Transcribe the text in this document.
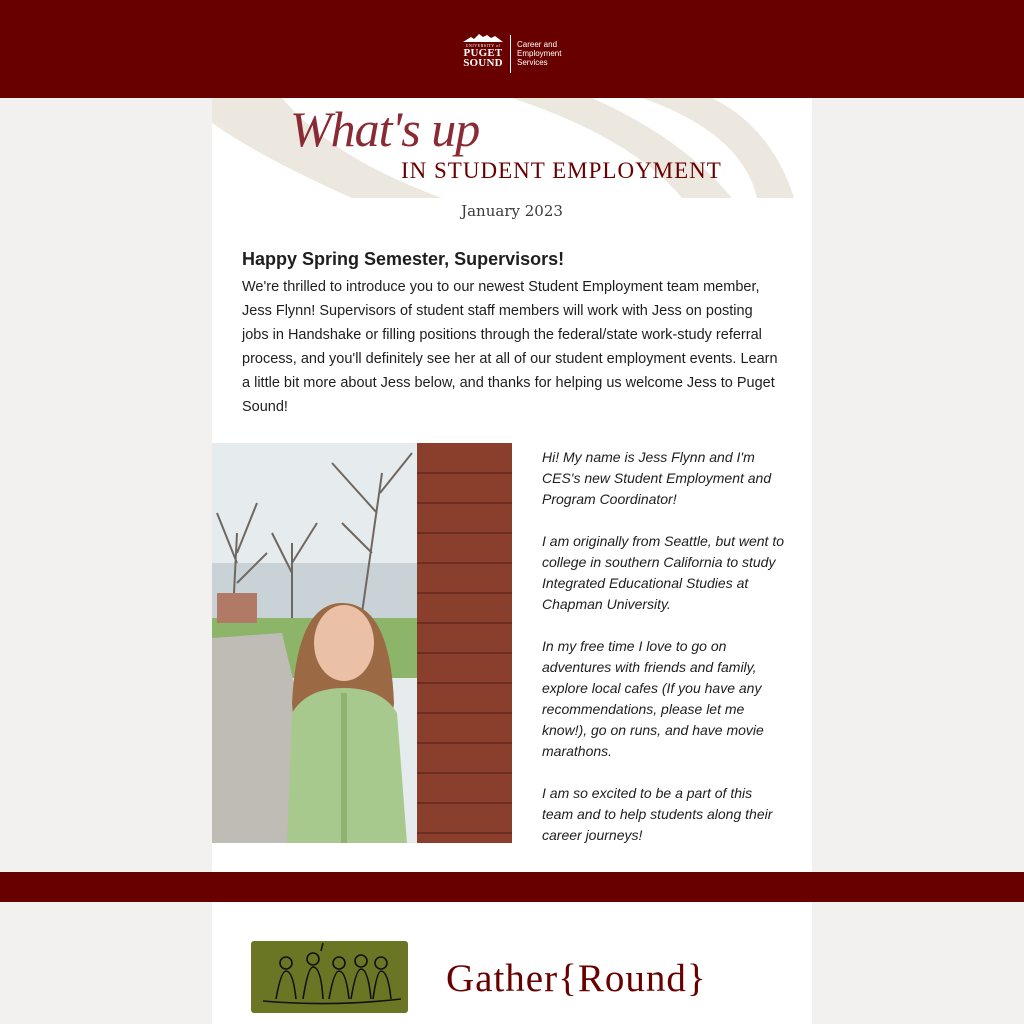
UNIVERSITY of
PUGET
SOUND
Career and Employment Services
What's up
IN STUDENT EMPLOYMENT
January 2023
Happy Spring Semester, Supervisors!
We're thrilled to introduce you to our newest Student Employment team member, Jess Flynn! Supervisors of student staff members will work with Jess on posting jobs in Handshake or filling positions through the federal/state work-study referral process, and you'll definitely see her at all of our student employment events. Learn a little bit more about Jess below, and thanks for helping us welcome Jess to Puget Sound!

Hi! My name is Jess Flynn and I'm CES's new Student Employment and Program Coordinator!

I am originally from Seattle, but went to college in southern California to study Integrated Educational Studies at Chapman University.

In my free time I love to go on adventures with friends and family, explore local cafes (If you have any recommendations, please let me know!), go on runs, and have movie marathons.

I am so excited to be a part of this team and to help students along their career journeys!

Gather{Round}
